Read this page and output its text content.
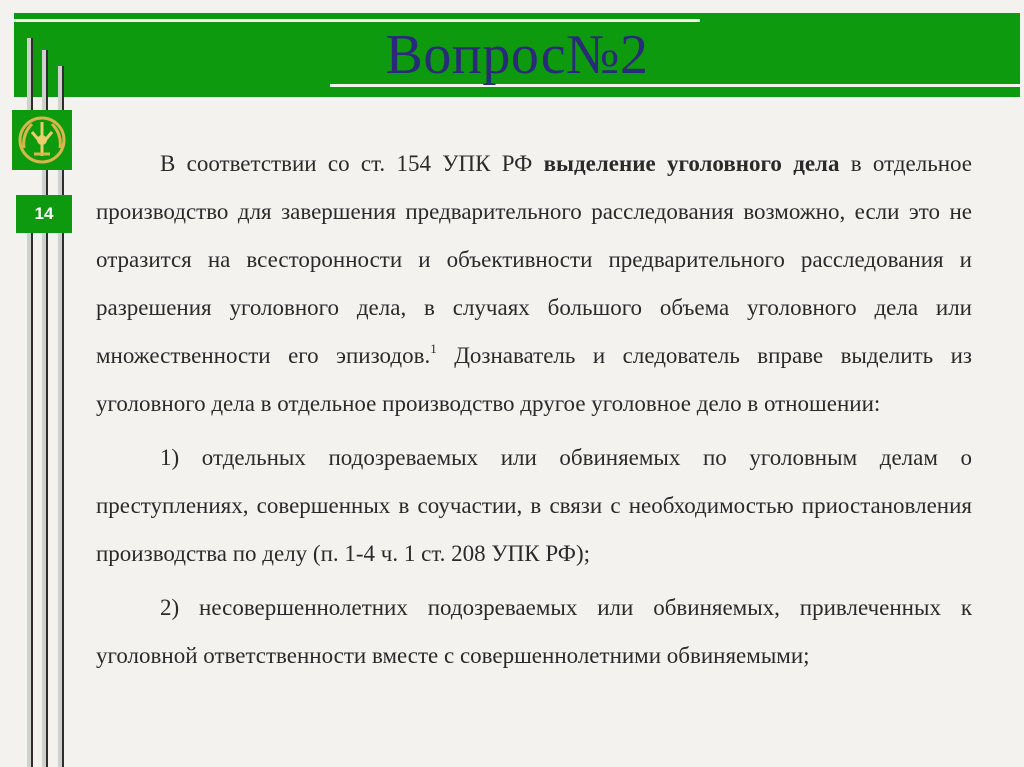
Вопрос№2
14

В соответствии со ст. 154 УПК РФ выделение уголовного дела в отдельное производство для завершения предварительного расследования возможно, если это не отразится на всесторонности и объективности предварительного расследования и разрешения уголовного дела, в случаях большого объема уголовного дела или множественности его эпизодов.$^1$ Дознаватель и следователь вправе выделить из уголовного дела в отдельное производство другое уголовное дело в отношении:

1) отдельных подозреваемых или обвиняемых по уголовным делам о преступлениях, совершенных в соучастии, в связи с необходимостью приостановления производства по делу (п. 1-4 ч. 1 ст. 208 УПК РФ);

2) несовершеннолетних подозреваемых или обвиняемых, привлеченных к уголовной ответственности вместе с совершеннолетними обвиняемыми;
